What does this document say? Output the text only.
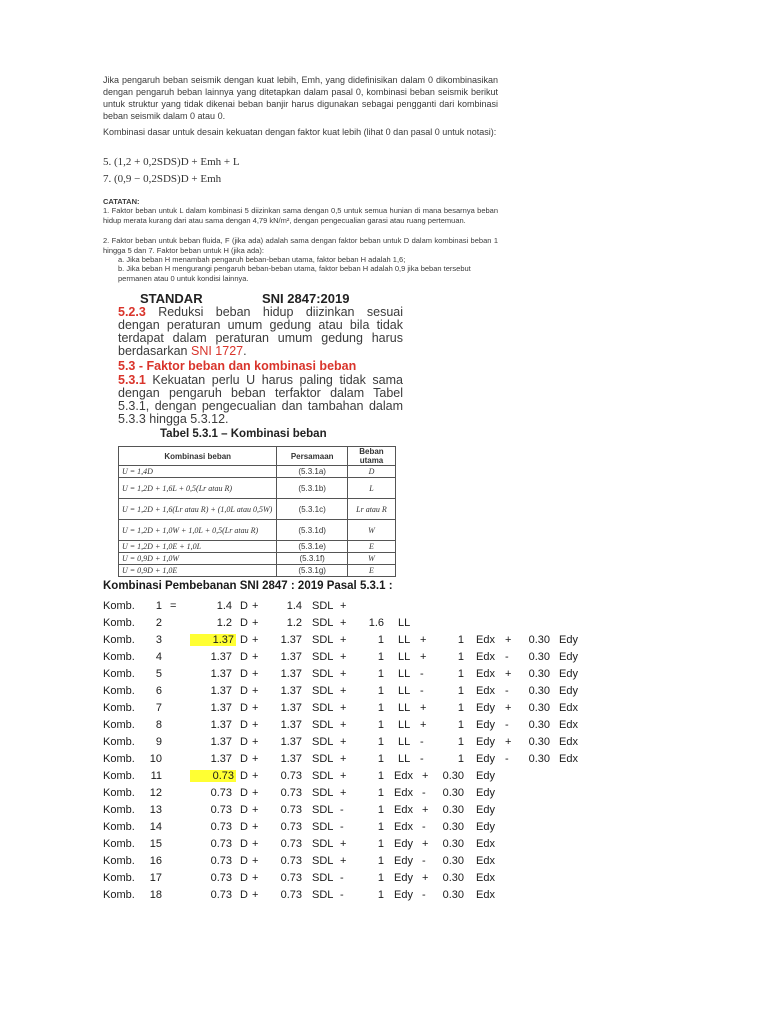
Jika pengaruh beban seismik dengan kuat lebih, Emh, yang didefinisikan dalam 0 dikombinasikan dengan pengaruh beban lainnya yang ditetapkan dalam pasal 0, kombinasi beban seismik berikut untuk struktur yang tidak dikenai beban banjir harus digunakan sebagai pengganti dari kombinasi beban seismik dalam 0 atau 0.
Kombinasi dasar untuk desain kekuatan dengan faktor kuat lebih (lihat 0 dan pasal 0 untuk notasi):
5. (1,2 + 0,2SDS)D + Emh + L
7. (0,9 − 0,2SDS)D + Emh
CATATAN:
1. Faktor beban untuk L dalam kombinasi 5 diizinkan sama dengan 0,5 untuk semua hunian di mana besarnya beban hidup merata kurang dari atau sama dengan 4,79 kN/m², dengan pengecualian garasi atau ruang pertemuan.
2. Faktor beban untuk beban fluida, F (jika ada) adalah sama dengan faktor beban untuk D dalam kombinasi beban 1 hingga 5 dan 7. Faktor beban untuk H (jika ada):
a. Jika beban H menambah pengaruh beban-beban utama, faktor beban H adalah 1,6;
b. Jika beban H mengurangi pengaruh beban-beban utama, faktor beban H adalah 0,9 jika beban tersebut permanen atau 0 untuk kondisi lainnya.
STANDAR	SNI 2847:2019
5.2.3 Reduksi beban hidup diizinkan sesuai dengan peraturan umum gedung atau bila tidak terdapat dalam peraturan umum gedung harus berdasarkan SNI 1727.
5.3 - Faktor beban dan kombinasi beban
5.3.1 Kekuatan perlu U harus paling tidak sama dengan pengaruh beban terfaktor dalam Tabel 5.3.1, dengan pengecualian dan tambahan dalam 5.3.3 hingga 5.3.12.
Tabel 5.3.1 – Kombinasi beban
Kombinasi beban	Persamaan	Beban utama
U = 1,4D	(5.3.1a)	D
U = 1,2D + 1,6L + 0,5(Lr atau R)	(5.3.1b)	L
U = 1,2D + 1,6(Lr atau R) + (1,0L atau 0,5W)	(5.3.1c)	Lr atau R
U = 1,2D + 1,0W + 1,0L + 0,5(Lr atau R)	(5.3.1d)	W
U = 1,2D + 1,0E + 1,0L	(5.3.1e)	E
U = 0,9D + 1,0W	(5.3.1f)	W
U = 0,9D + 1,0E	(5.3.1g)	E
Kombinasi Pembebanan SNI 2847 : 2019 Pasal 5.3.1 :
Komb.	1 =	1.4 D +	1.4 SDL +
Komb.	2	1.2 D +	1.2 SDL +	1.6 LL
Komb.	3	1.37 D +	1.37 SDL +	1 LL +	1 Edx +	0.30 Edy
Komb.	4	1.37 D +	1.37 SDL +	1 LL +	1 Edx -	0.30 Edy
Komb.	5	1.37 D +	1.37 SDL +	1 LL -	1 Edx +	0.30 Edy
Komb.	6	1.37 D +	1.37 SDL +	1 LL -	1 Edx -	0.30 Edy
Komb.	7	1.37 D +	1.37 SDL +	1 LL +	1 Edy +	0.30 Edx
Komb.	8	1.37 D +	1.37 SDL +	1 LL +	1 Edy -	0.30 Edx
Komb.	9	1.37 D +	1.37 SDL +	1 LL -	1 Edy +	0.30 Edx
Komb.	10	1.37 D +	1.37 SDL +	1 LL -	1 Edy -	0.30 Edx
Komb.	11	0.73 D +	0.73 SDL +	1 Edx +	0.30 Edy
Komb.	12	0.73 D +	0.73 SDL +	1 Edx -	0.30 Edy
Komb.	13	0.73 D +	0.73 SDL -	1 Edx +	0.30 Edy
Komb.	14	0.73 D +	0.73 SDL -	1 Edx -	0.30 Edy
Komb.	15	0.73 D +	0.73 SDL +	1 Edy +	0.30 Edx
Komb.	16	0.73 D +	0.73 SDL +	1 Edy -	0.30 Edx
Komb.	17	0.73 D +	0.73 SDL -	1 Edy +	0.30 Edx
Komb.	18	0.73 D +	0.73 SDL -	1 Edy -	0.30 Edx
